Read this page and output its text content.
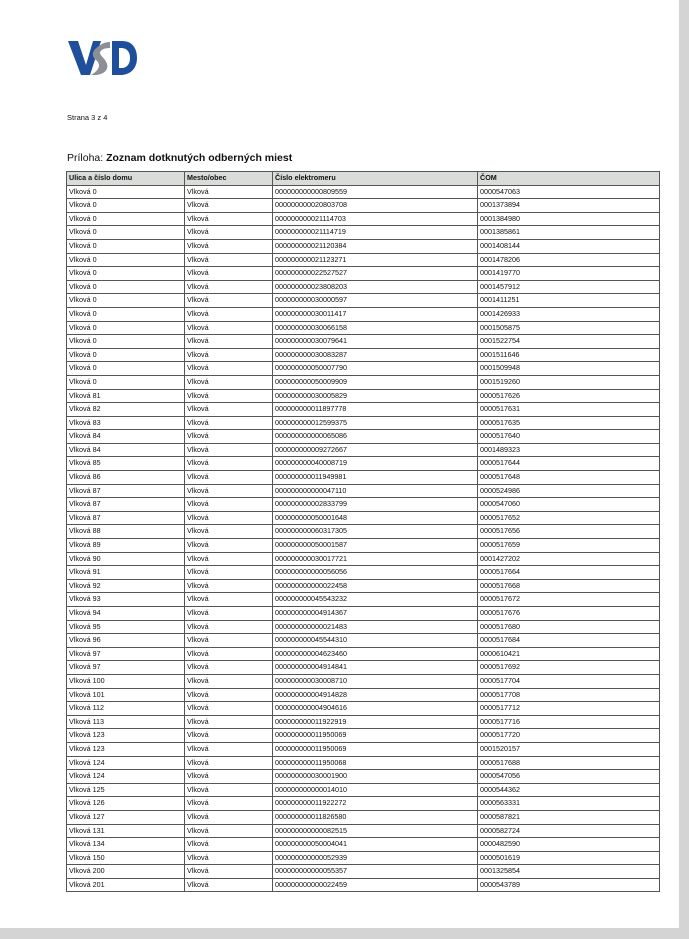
VSD
Strana 3 z 4
Príloha: Zoznam dotknutých odberných miest
Ulica a číslo domu	Mesto/obec	Číslo elektromeru	ČOM
Vlková 0	Vlková	000000000000809559	0000547063
Vlková 0	Vlková	000000000020803708	0001373894
Vlková 0	Vlková	000000000021114703	0001384980
Vlková 0	Vlková	000000000021114719	0001385861
Vlková 0	Vlková	000000000021120384	0001408144
Vlková 0	Vlková	000000000021123271	0001478206
Vlková 0	Vlková	000000000022527527	0001419770
Vlková 0	Vlková	000000000023808203	0001457912
Vlková 0	Vlková	000000000030000597	0001411251
Vlková 0	Vlková	000000000030011417	0001426933
Vlková 0	Vlková	000000000030066158	0001505875
Vlková 0	Vlková	000000000030079641	0001522754
Vlková 0	Vlková	000000000030083287	0001511646
Vlková 0	Vlková	000000000050007790	0001509948
Vlková 0	Vlková	000000000050009909	0001519260
Vlková 81	Vlková	000000000030005829	0000517626
Vlková 82	Vlková	000000000011897778	0000517631
Vlková 83	Vlková	000000000012599375	0000517635
Vlková 84	Vlková	000000000000065086	0000517640
Vlková 84	Vlková	000000000009272667	0001489323
Vlková 85	Vlková	000000000040008719	0000517644
Vlková 86	Vlková	000000000011949981	0000517648
Vlková 87	Vlková	000000000000047110	0000524986
Vlková 87	Vlková	000000000002833799	0000547060
Vlková 87	Vlková	000000000050001648	0000517652
Vlková 88	Vlková	000000000060317305	0000517656
Vlková 89	Vlková	000000000050001587	0000517659
Vlková 90	Vlková	000000000030017721	0001427202
Vlková 91	Vlková	000000000000056056	0000517664
Vlková 92	Vlková	000000000000022458	0000517668
Vlková 93	Vlková	000000000045543232	0000517672
Vlková 94	Vlková	000000000004914367	0000517676
Vlková 95	Vlková	000000000000021483	0000517680
Vlková 96	Vlková	000000000045544310	0000517684
Vlková 97	Vlková	000000000004623460	0000610421
Vlková 97	Vlková	000000000004914841	0000517692
Vlková 100	Vlková	000000000030008710	0000517704
Vlková 101	Vlková	000000000004914828	0000517708
Vlková 112	Vlková	000000000004904616	0000517712
Vlková 113	Vlková	000000000011922919	0000517716
Vlková 123	Vlková	000000000011950069	0000517720
Vlková 123	Vlková	000000000011950069	0001520157
Vlková 124	Vlková	000000000011950068	0000517688
Vlková 124	Vlková	000000000030001900	0000547056
Vlková 125	Vlková	000000000000014010	0000544362
Vlková 126	Vlková	000000000011922272	0000563331
Vlková 127	Vlková	000000000011826580	0000587821
Vlková 131	Vlková	000000000000082515	0000582724
Vlková 134	Vlková	000000000050004041	0000482590
Vlková 150	Vlková	000000000000052939	0000501619
Vlková 200	Vlková	000000000000055357	0001325854
Vlková 201	Vlková	000000000000022459	0000543789
